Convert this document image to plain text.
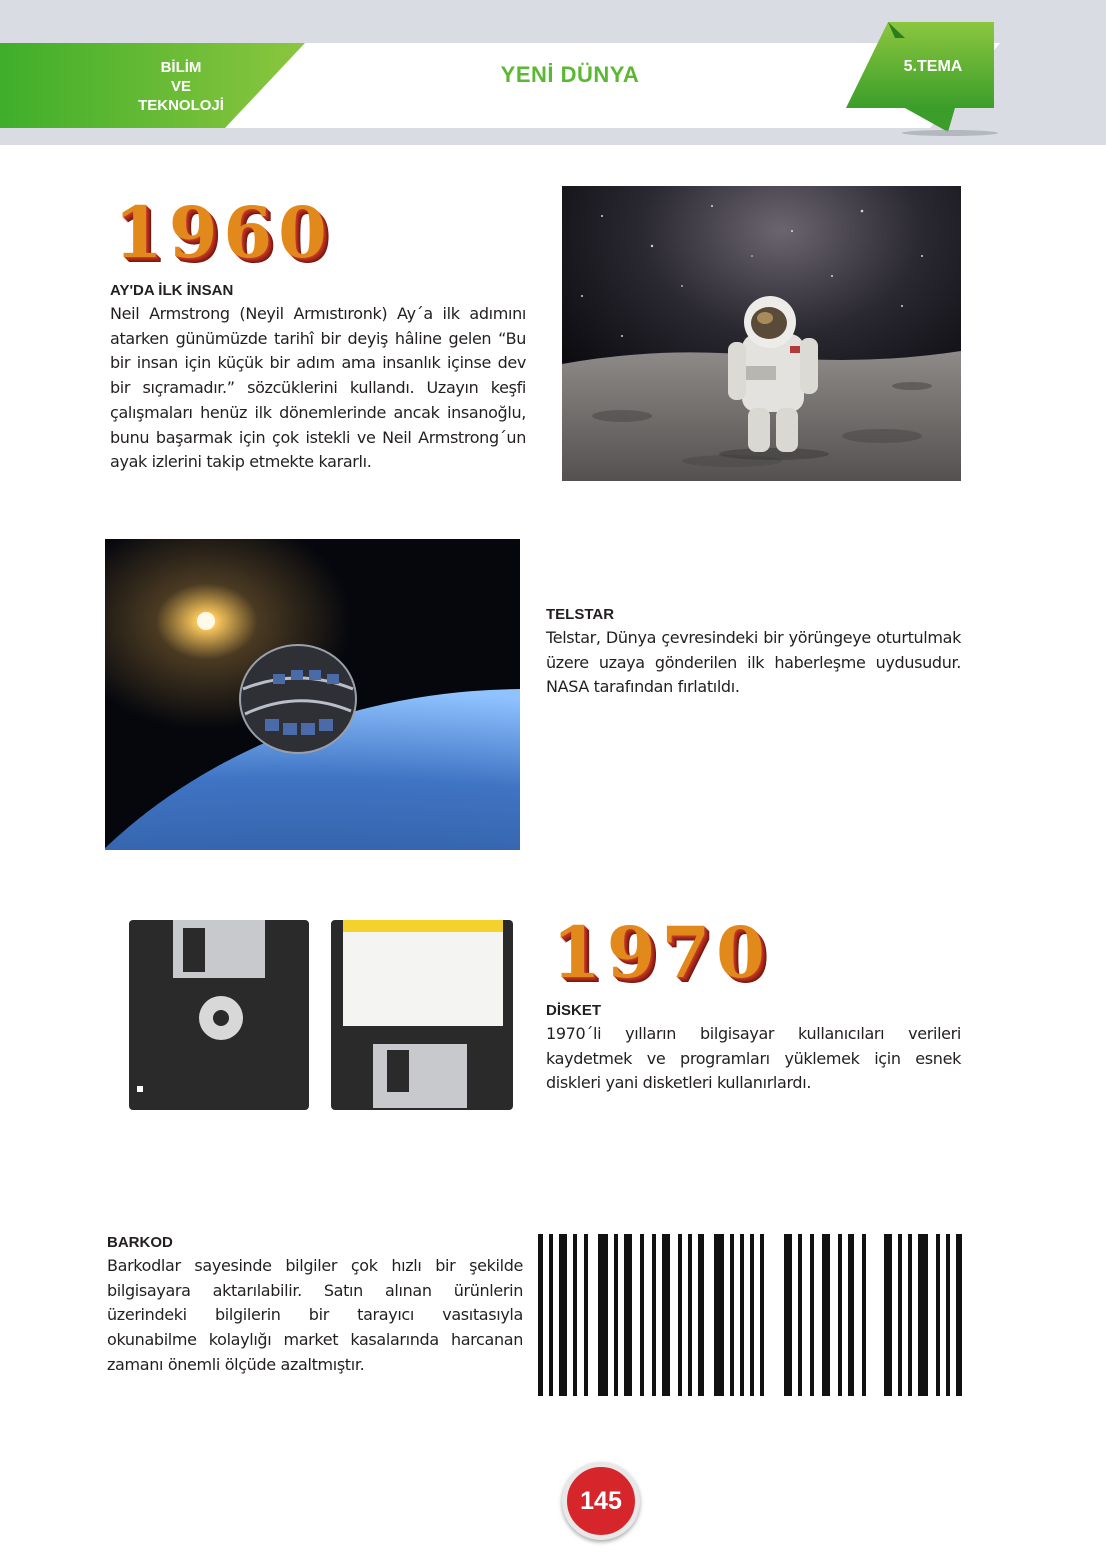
BİLİM
VE
TEKNOLOJİ
YENİ DÜNYA	5.TEMA
1960
AY'DA İLK İNSAN

Neil Armstrong (Neyil Armıstıronk) Ay´a ilk adımını atarken günümüzde tarihî bir deyiş hâline gelen “Bu bir insan için küçük bir adım ama insanlık içinse dev bir sıçramadır.” sözcüklerini kullandı. Uzayın keşfi çalışmaları henüz ilk dönemlerinde ancak insanoğlu, bunu başarmak için çok istekli ve Neil Armstrong´un ayak izlerini takip etmekte kararlı.

TELSTAR

Telstar, Dünya çevresindeki bir yörüngeye oturtulmak üzere uzaya gönderilen ilk haberleşme uydusudur. NASA tarafından fırlatıldı.

1970
DİSKET

1970´li yılların bilgisayar kullanıcıları verileri kaydetmek ve programları yüklemek için esnek diskleri yani disketleri kullanırlardı.

BARKOD

Barkodlar sayesinde bilgiler çok hızlı bir şekilde bilgisayara aktarılabilir. Satın alınan ürünlerin üzerindeki bilgilerin bir tarayıcı vasıtasıyla okunabilme kolaylığı market kasalarında harcanan zamanı önemli ölçüde azaltmıştır.

145
